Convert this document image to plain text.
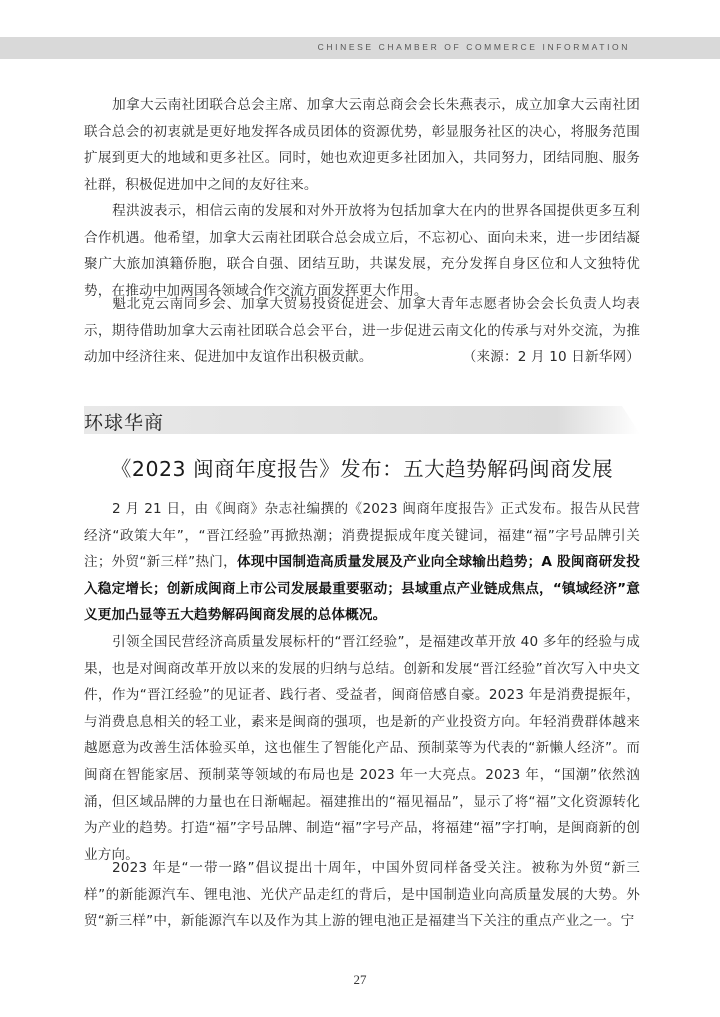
CHINESE CHAMBER OF COMMERCE INFORMATION

加拿大云南社团联合总会主席、加拿大云南总商会会长朱燕表示，成立加拿大云南社团联合总会的初衷就是更好地发挥各成员团体的资源优势，彰显服务社区的决心，将服务范围扩展到更大的地域和更多社区。同时，她也欢迎更多社团加入，共同努力，团结同胞、服务社群，积极促进加中之间的友好往来。

程洪波表示，相信云南的发展和对外开放将为包括加拿大在内的世界各国提供更多互利合作机遇。他希望，加拿大云南社团联合总会成立后，不忘初心、面向未来，进一步团结凝聚广大旅加滇籍侨胞，联合自强、团结互助，共谋发展，充分发挥自身区位和人文独特优势，在推动中加两国各领域合作交流方面发挥更大作用。

魁北克云南同乡会、加拿大贸易投资促进会、加拿大青年志愿者协会会长负责人均表示，期待借助加拿大云南社团联合总会平台，进一步促进云南文化的传承与对外交流，为推动加中经济往来、促进加中友谊作出积极贡献。	（来源：2 月 10 日新华网）

环球华商
《2023 闽商年度报告》发布：五大趋势解码闽商发展

2 月 21 日，由《闽商》杂志社编撰的《2023 闽商年度报告》正式发布。报告从民营经济“政策大年”，“晋江经验”再掀热潮；消费提振成年度关键词，福建“福”字号品牌引关注；外贸“新三样”热门，体现中国制造高质量发展及产业向全球输出趋势；A 股闽商研发投入稳定增长；创新成闽商上市公司发展最重要驱动；县域重点产业链成焦点，“镇域经济”意义更加凸显等五大趋势解码闽商发展的总体概况。

引领全国民营经济高质量发展标杆的“晋江经验”，是福建改革开放 40 多年的经验与成果，也是对闽商改革开放以来的发展的归纳与总结。创新和发展“晋江经验”首次写入中央文件，作为“晋江经验”的见证者、践行者、受益者，闽商倍感自豪。2023 年是消费提振年，与消费息息相关的轻工业，素来是闽商的强项，也是新的产业投资方向。年轻消费群体越来越愿意为改善生活体验买单，这也催生了智能化产品、预制菜等为代表的“新懒人经济”。而闽商在智能家居、预制菜等领域的布局也是 2023 年一大亮点。2023 年，“国潮”依然汹涌，但区域品牌的力量也在日渐崛起。福建推出的“福见福品”，显示了将“福”文化资源转化为产业的趋势。打造“福”字号品牌、制造“福”字号产品，将福建“福”字打响，是闽商新的创业方向。

2023 年是“一带一路”倡议提出十周年，中国外贸同样备受关注。被称为外贸“新三样”的新能源汽车、锂电池、光伏产品走红的背后，是中国制造业向高质量发展的大势。外贸“新三样”中，新能源汽车以及作为其上游的锂电池正是福建当下关注的重点产业之一。宁

27
